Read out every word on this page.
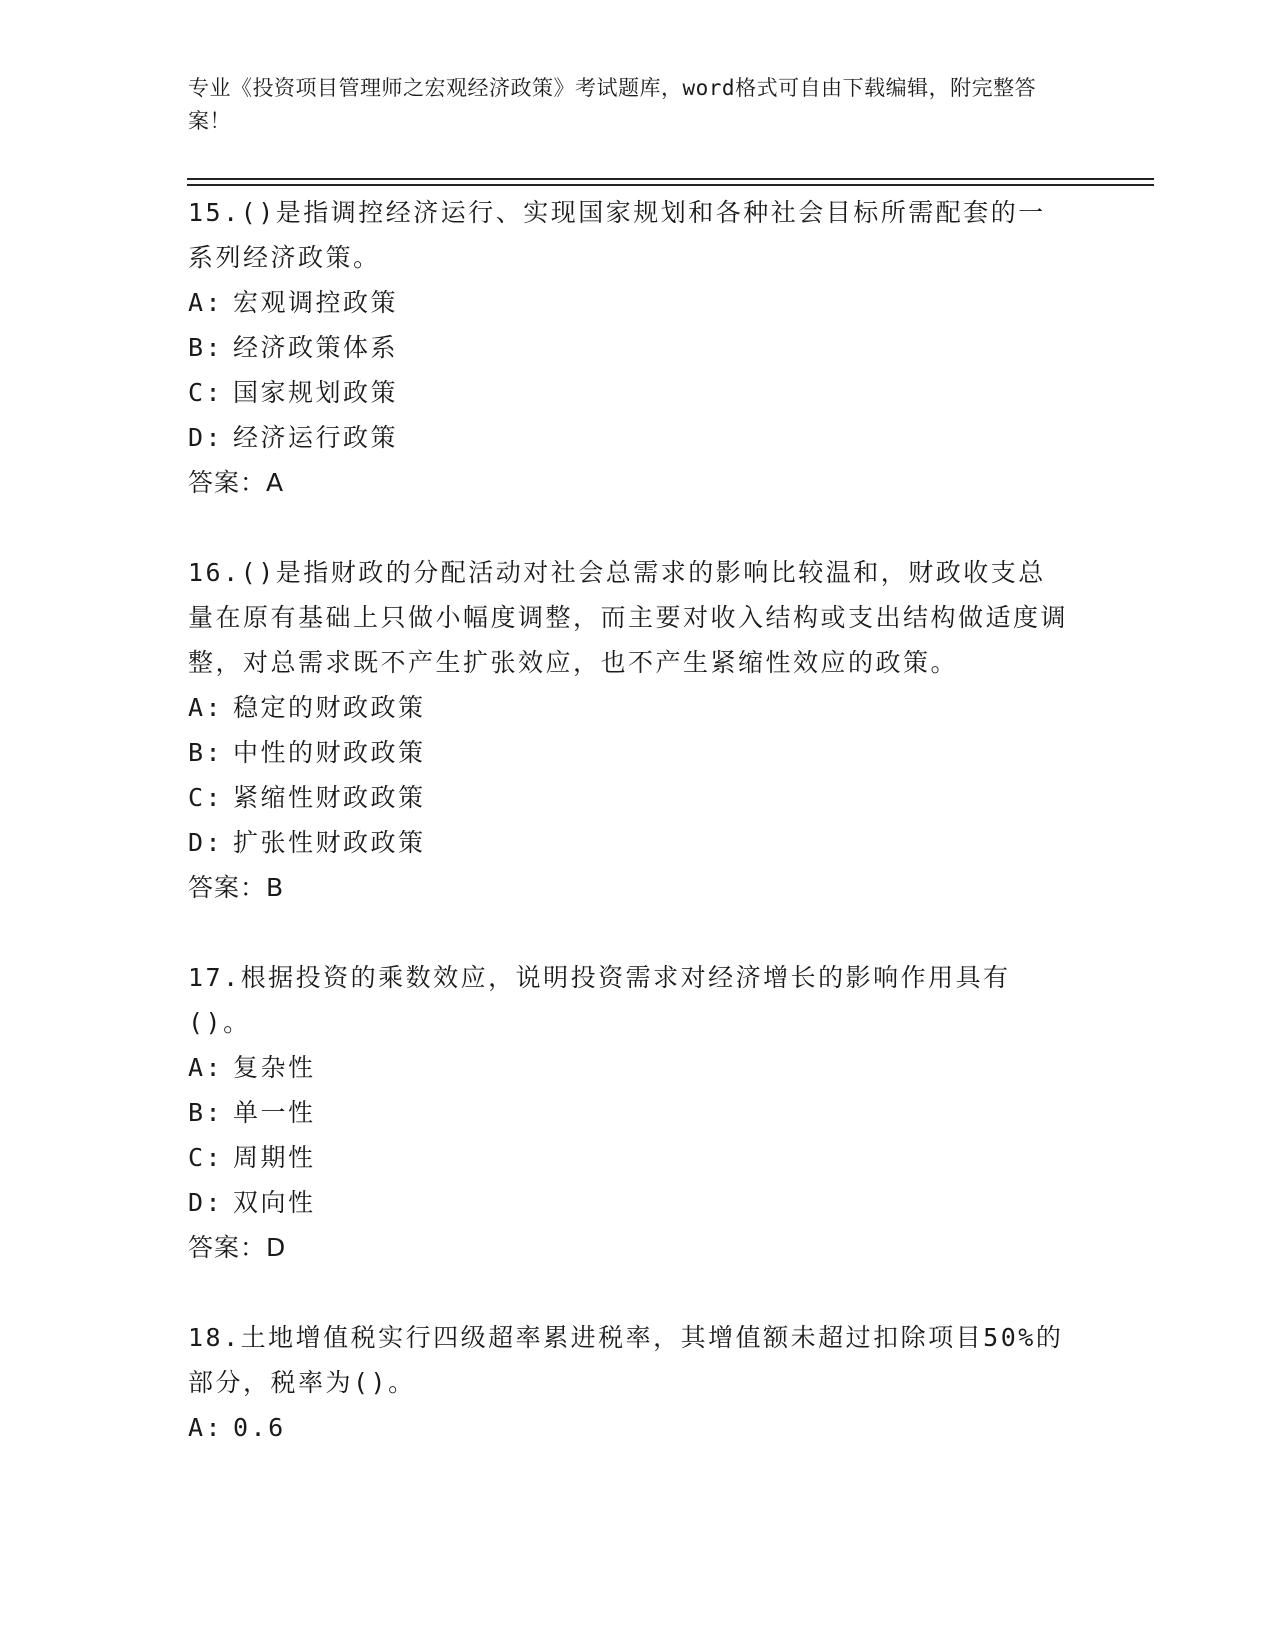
专业《投资项目管理师之宏观经济政策》考试题库，word格式可自由下载编辑，附完整答案！
15.()是指调控经济运行、实现国家规划和各种社会目标所需配套的一系列经济政策。
A: 宏观调控政策
B: 经济政策体系
C: 国家规划政策
D: 经济运行政策
答案：A
16.()是指财政的分配活动对社会总需求的影响比较温和，财政收支总量在原有基础上只做小幅度调整，而主要对收入结构或支出结构做适度调整，对总需求既不产生扩张效应，也不产生紧缩性效应的政策。
A: 稳定的财政政策
B: 中性的财政政策
C: 紧缩性财政政策
D: 扩张性财政政策
答案：B
17.根据投资的乘数效应，说明投资需求对经济增长的影响作用具有()。
A: 复杂性
B: 单一性
C: 周期性
D: 双向性
答案：D
18.土地增值税实行四级超率累进税率，其增值额未超过扣除项目50%的部分，税率为()。
A: 0.6
